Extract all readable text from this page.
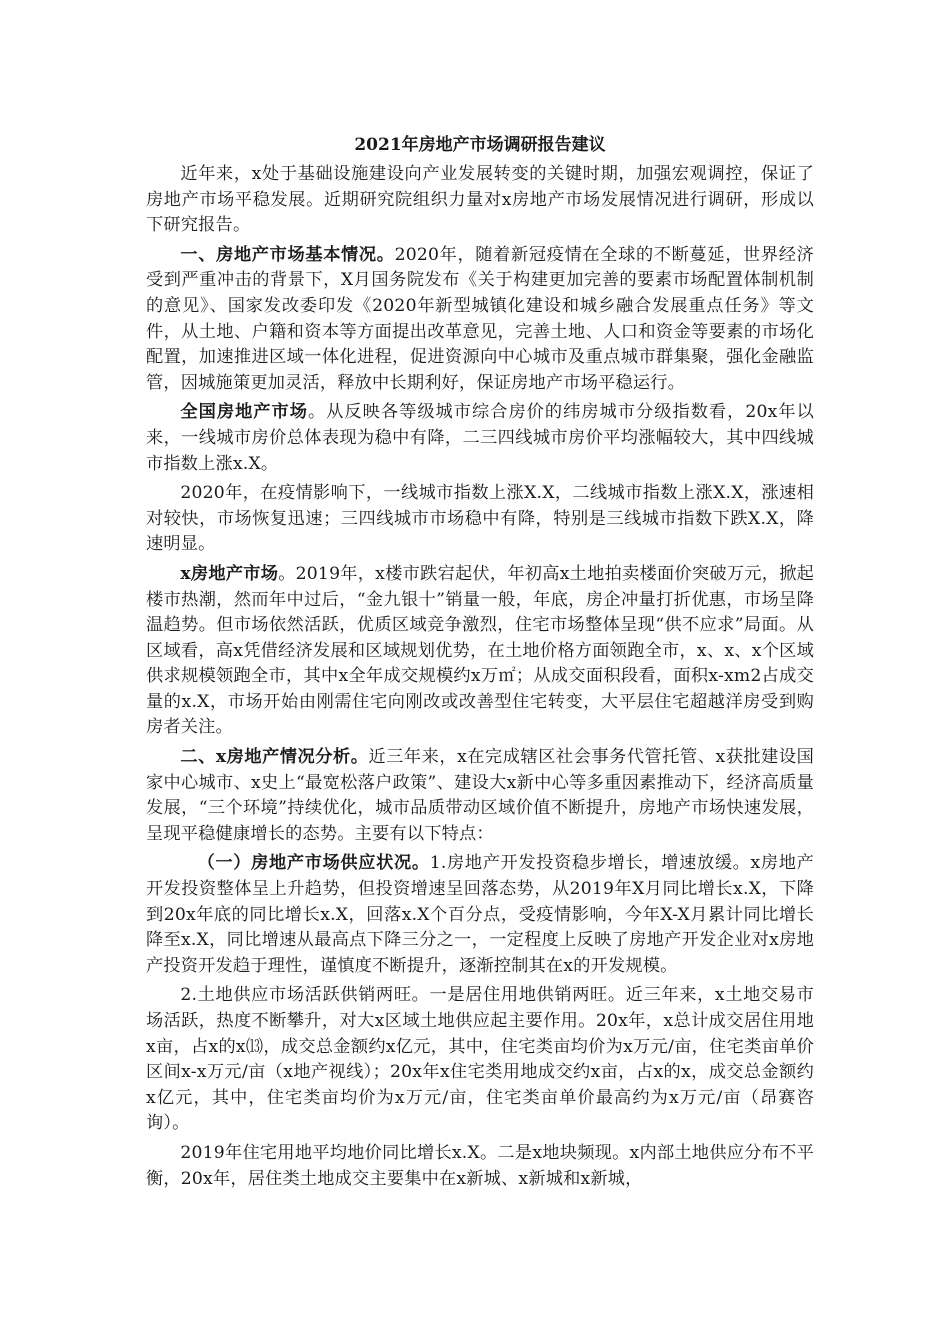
2021年房地产市场调研报告建议

近年来，x处于基础设施建设向产业发展转变的关键时期，加强宏观调控，保证了房地产市场平稳发展。近期研究院组织力量对x房地产市场发展情况进行调研，形成以下研究报告。

一、房地产市场基本情况。2020年，随着新冠疫情在全球的不断蔓延，世界经济受到严重冲击的背景下，X月国务院发布《关于构建更加完善的要素市场配置体制机制的意见》、国家发改委印发《2020年新型城镇化建设和城乡融合发展重点任务》等文件，从土地、户籍和资本等方面提出改革意见，完善土地、人口和资金等要素的市场化配置，加速推进区域一体化进程，促进资源向中心城市及重点城市群集聚，强化金融监管，因城施策更加灵活，释放中长期利好，保证房地产市场平稳运行。

全国房地产市场。从反映各等级城市综合房价的纬房城市分级指数看，20x年以来，一线城市房价总体表现为稳中有降，二三四线城市房价平均涨幅较大，其中四线城市指数上涨x.X。

2020年，在疫情影响下，一线城市指数上涨X.X，二线城市指数上涨X.X，涨速相对较快，市场恢复迅速；三四线城市市场稳中有降，特别是三线城市指数下跌X.X，降速明显。

x房地产市场。2019年，x楼市跌宕起伏，年初高x土地拍卖楼面价突破万元，掀起楼市热潮，然而年中过后，“金九银十”销量一般，年底，房企冲量打折优惠，市场呈降温趋势。但市场依然活跃，优质区域竞争激烈，住宅市场整体呈现“供不应求”局面。从区域看，高x凭借经济发展和区域规划优势，在土地价格方面领跑全市，x、x、x个区域供求规模领跑全市，其中x全年成交规模约x万㎡；从成交面积段看，面积x-xm2占成交量的x.X，市场开始由刚需住宅向刚改或改善型住宅转变，大平层住宅超越洋房受到购房者关注。

二、x房地产情况分析。近三年来，x在完成辖区社会事务代管托管、x获批建设国家中心城市、x史上“最宽松落户政策”、建设大x新中心等多重因素推动下，经济高质量发展，“三个环境”持续优化，城市品质带动区域价值不断提升，房地产市场快速发展，呈现平稳健康增长的态势。主要有以下特点：

（一）房地产市场供应状况。1.房地产开发投资稳步增长，增速放缓。x房地产开发投资整体呈上升趋势，但投资增速呈回落态势，从2019年X月同比增长x.X，下降到20x年底的同比增长x.X，回落x.X个百分点，受疫情影响，今年X-X月累计同比增长降至x.X，同比增速从最高点下降三分之一，一定程度上反映了房地产开发企业对x房地产投资开发趋于理性，谨慎度不断提升，逐渐控制其在x的开发规模。

2.土地供应市场活跃供销两旺。一是居住用地供销两旺。近三年来，x土地交易市场活跃，热度不断攀升，对大x区域土地供应起主要作用。20x年，x总计成交居住用地x亩，占x的x⒀，成交总金额约x亿元，其中，住宅类亩均价为x万元/亩，住宅类亩单价区间x-x万元/亩（x地产视线）；20x年x住宅类用地成交约x亩，占x的x，成交总金额约x亿元，其中，住宅类亩均价为x万元/亩，住宅类亩单价最高约为x万元/亩（昂赛咨询）。

2019年住宅用地平均地价同比增长x.X。二是x地块频现。x内部土地供应分布不平衡，20x年，居住类土地成交主要集中在x新城、x新城和x新城，
